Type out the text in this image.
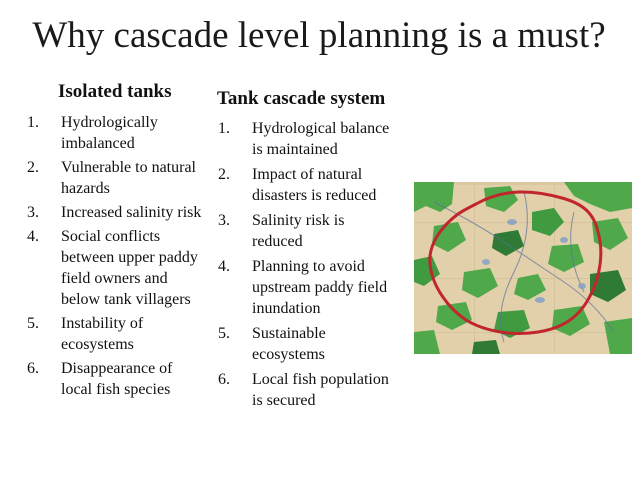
Why cascade level planning is a must?
Isolated tanks
1. Hydrologically imbalanced
2. Vulnerable to natural hazards
3. Increased salinity risk
4. Social conflicts between upper paddy field owners and below tank villagers
5. Instability of ecosystems
6. Disappearance of local fish species
Tank cascade system
1. Hydrological balance is maintained
2. Impact of natural disasters is reduced
3. Salinity risk is reduced
4. Planning to avoid upstream paddy field inundation
5. Sustainable ecosystems
6. Local fish population is secured
